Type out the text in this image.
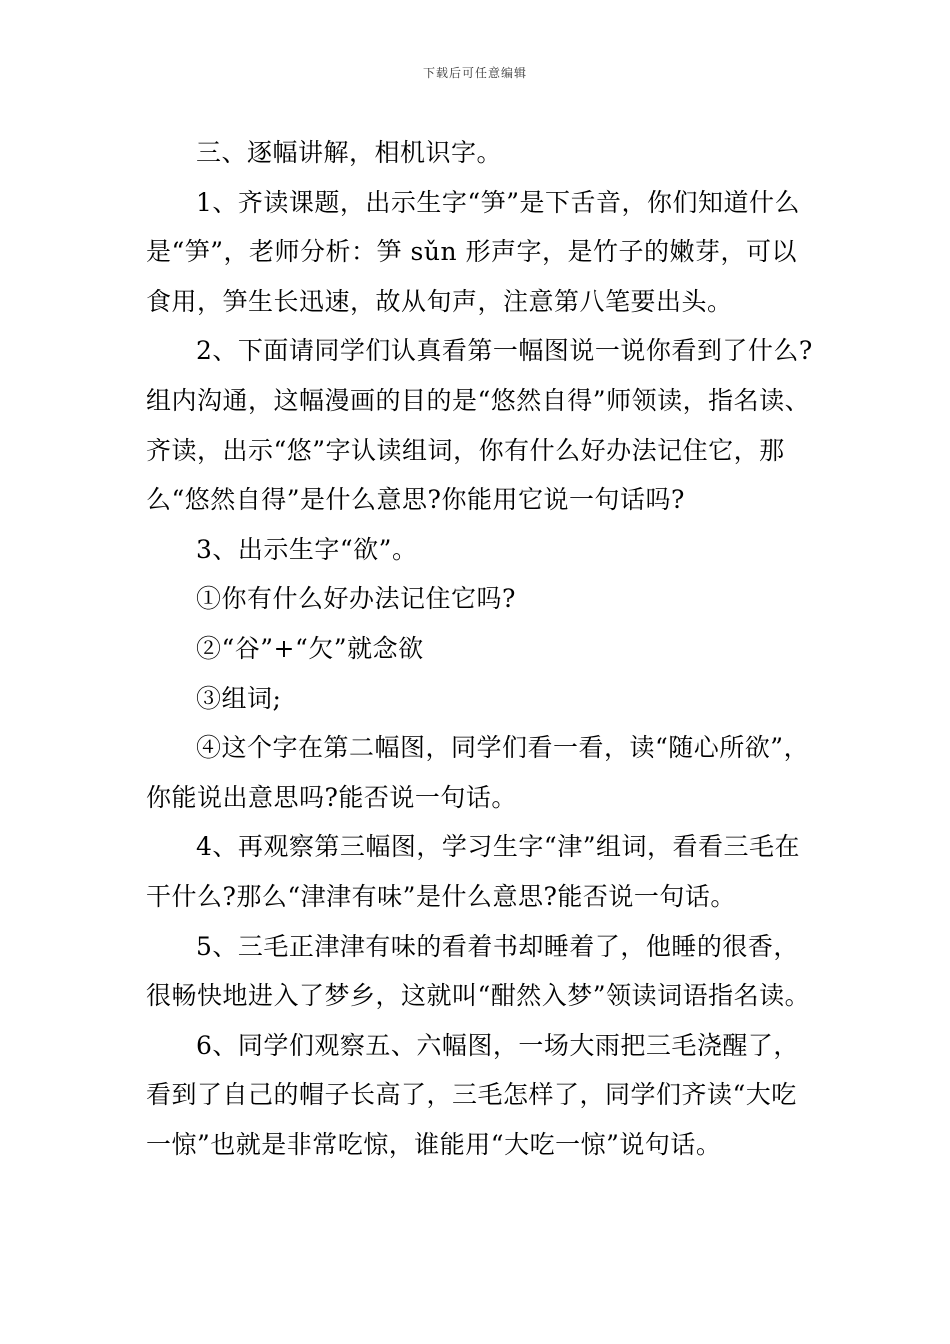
下载后可任意编辑

三、逐幅讲解，相机识字。

1、齐读课题，出示生字“笋”是下舌音，你们知道什么是“笋”，老师分析：笋 sǔn 形声字，是竹子的嫩芽，可以食用，笋生长迅速，故从旬声，注意第八笔要出头。

2、下面请同学们认真看第一幅图说一说你看到了什么?组内沟通，这幅漫画的目的是“悠然自得”师领读，指名读、齐读，出示“悠”字认读组词，你有什么好办法记住它，那么“悠然自得”是什么意思?你能用它说一句话吗?

3、出示生字“欲”。

①你有什么好办法记住它吗?

②“谷”+“欠”就念欲

③组词;

④这个字在第二幅图，同学们看一看，读“随心所欲”，你能说出意思吗?能否说一句话。

4、再观察第三幅图，学习生字“津”组词，看看三毛在干什么?那么“津津有味”是什么意思?能否说一句话。

5、三毛正津津有味的看着书却睡着了，他睡的很香，很畅快地进入了梦乡，这就叫“酣然入梦”领读词语指名读。

6、同学们观察五、六幅图，一场大雨把三毛浇醒了，看到了自己的帽子长高了，三毛怎样了，同学们齐读“大吃一惊”也就是非常吃惊，谁能用“大吃一惊”说句话。
